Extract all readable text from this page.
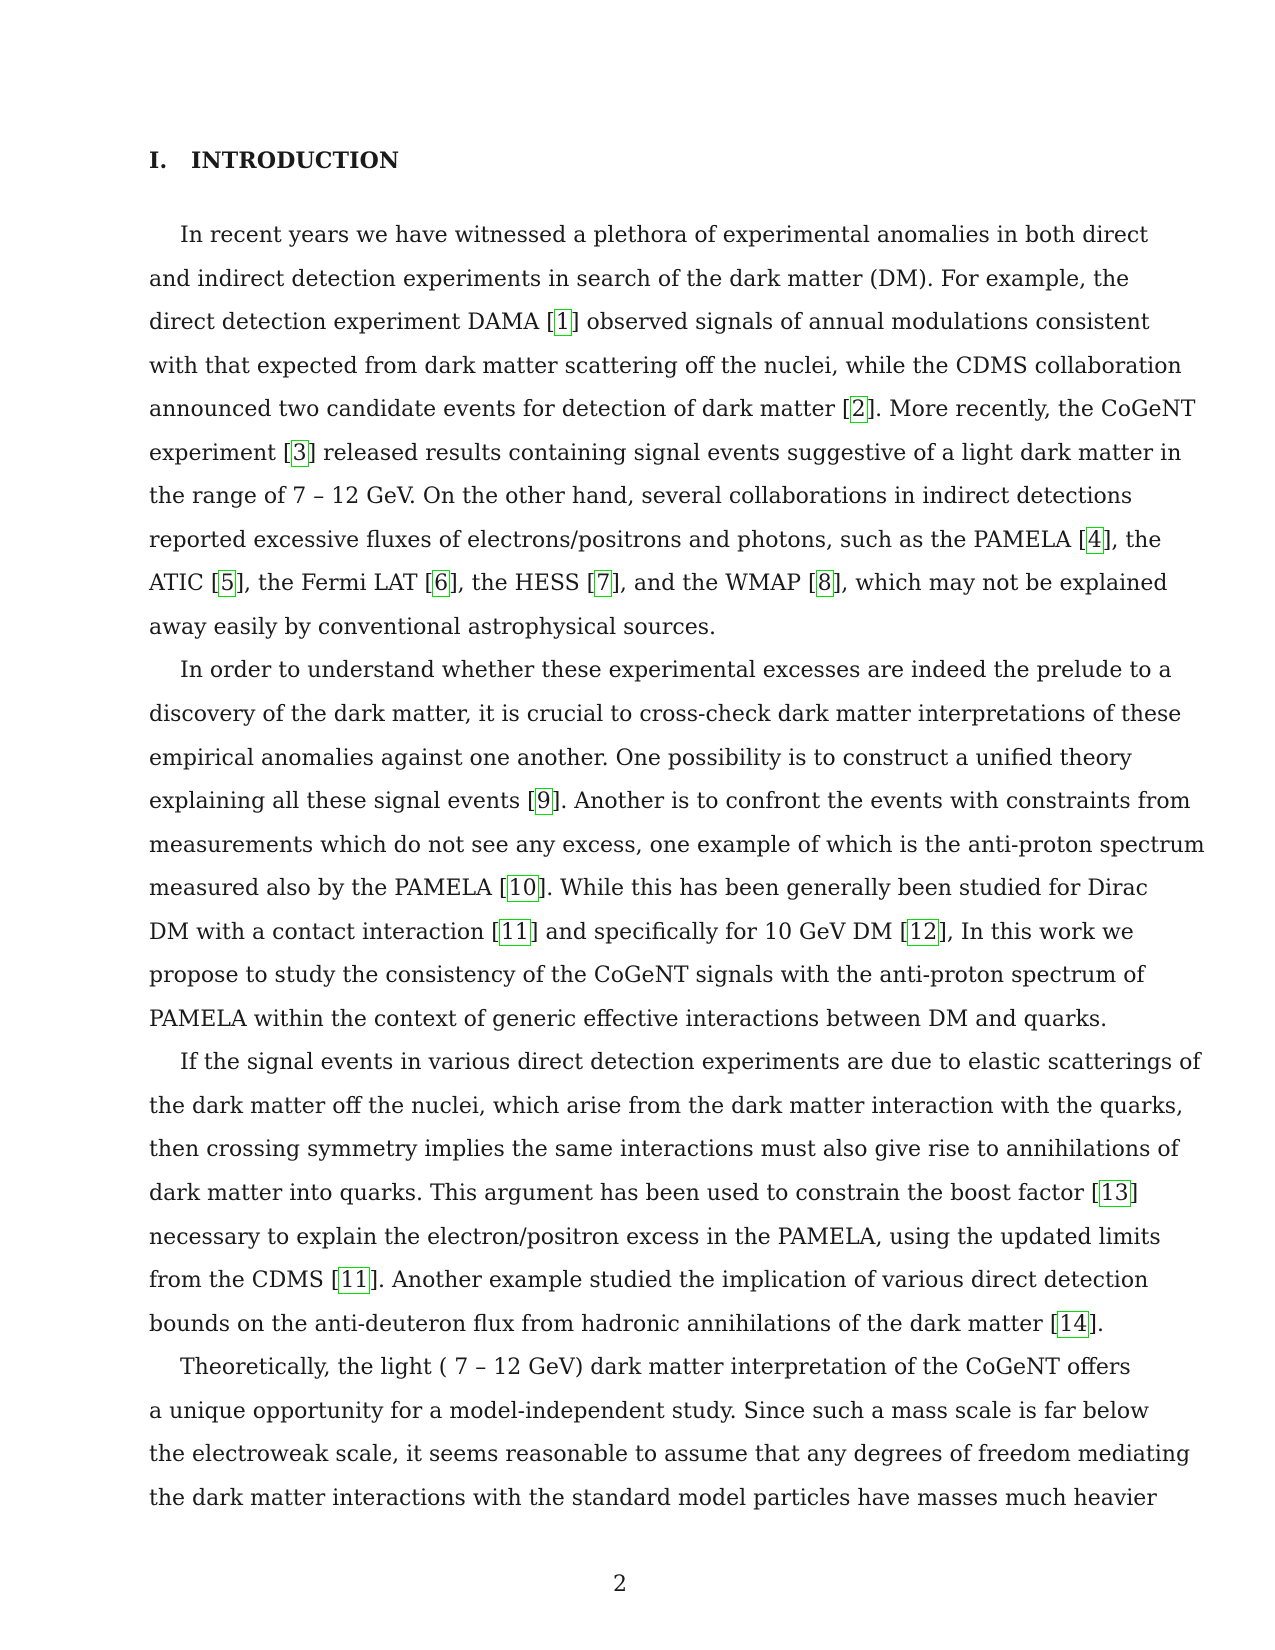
I. INTRODUCTION
In recent years we have witnessed a plethora of experimental anomalies in both direct
and indirect detection experiments in search of the dark matter (DM). For example, the
direct detection experiment DAMA [1] observed signals of annual modulations consistent
with that expected from dark matter scattering off the nuclei, while the CDMS collaboration
announced two candidate events for detection of dark matter [2]. More recently, the CoGeNT
experiment [3] released results containing signal events suggestive of a light dark matter in
the range of 7 – 12 GeV. On the other hand, several collaborations in indirect detections
reported excessive fluxes of electrons/positrons and photons, such as the PAMELA [4], the
ATIC [5], the Fermi LAT [6], the HESS [7], and the WMAP [8], which may not be explained
away easily by conventional astrophysical sources.
In order to understand whether these experimental excesses are indeed the prelude to a
discovery of the dark matter, it is crucial to cross-check dark matter interpretations of these
empirical anomalies against one another. One possibility is to construct a unified theory
explaining all these signal events [9]. Another is to confront the events with constraints from
measurements which do not see any excess, one example of which is the anti-proton spectrum
measured also by the PAMELA [10]. While this has been generally been studied for Dirac
DM with a contact interaction [11] and specifically for 10 GeV DM [12], In this work we
propose to study the consistency of the CoGeNT signals with the anti-proton spectrum of
PAMELA within the context of generic effective interactions between DM and quarks.
If the signal events in various direct detection experiments are due to elastic scatterings of
the dark matter off the nuclei, which arise from the dark matter interaction with the quarks,
then crossing symmetry implies the same interactions must also give rise to annihilations of
dark matter into quarks. This argument has been used to constrain the boost factor [13]
necessary to explain the electron/positron excess in the PAMELA, using the updated limits
from the CDMS [11]. Another example studied the implication of various direct detection
bounds on the anti-deuteron flux from hadronic annihilations of the dark matter [14].
Theoretically, the light ( 7 – 12 GeV) dark matter interpretation of the CoGeNT offers
a unique opportunity for a model-independent study. Since such a mass scale is far below
the electroweak scale, it seems reasonable to assume that any degrees of freedom mediating
the dark matter interactions with the standard model particles have masses much heavier
2
